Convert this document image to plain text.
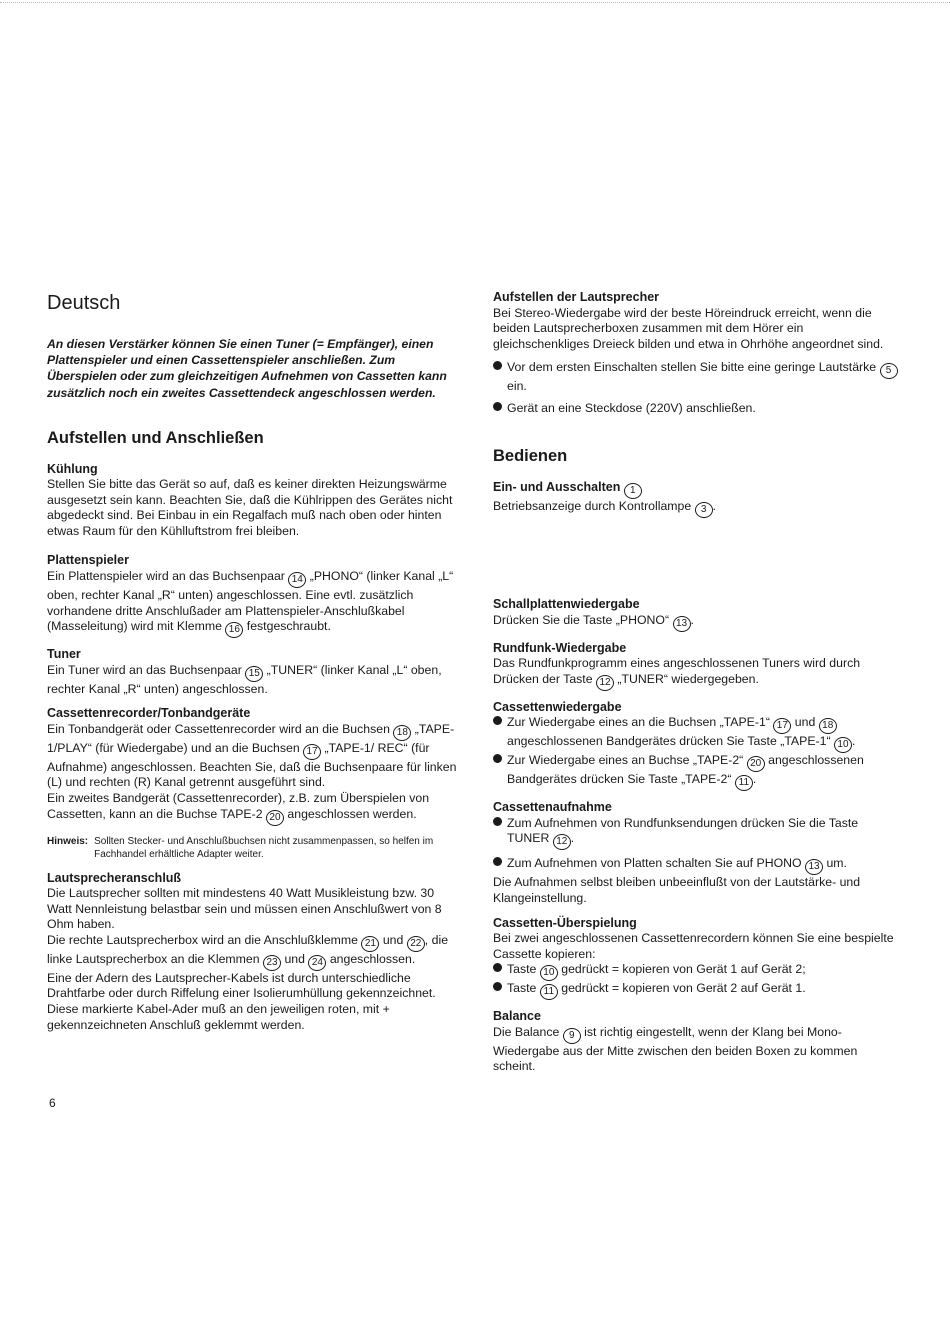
Deutsch

An diesen Verstärker können Sie einen Tuner (= Empfänger), einen Plattenspieler und einen Cassettenspieler anschließen. Zum Überspielen oder zum gleichzeitigen Aufnehmen von Cassetten kann zusätzlich noch ein zweites Cassettendeck angeschlossen werden.

Aufstellen und Anschließen
Kühlung

Stellen Sie bitte das Gerät so auf, daß es keiner direkten Heizungswärme ausgesetzt sein kann. Beachten Sie, daß die Kühlrippen des Gerätes nicht abgedeckt sind. Bei Einbau in ein Regalfach muß nach oben oder hinten etwas Raum für den Kühlluftstrom frei bleiben.

Plattenspieler

Ein Plattenspieler wird an das Buchsenpaar 14 „PHONO“ (linker Kanal „L“ oben, rechter Kanal „R“ unten) angeschlossen. Eine evtl. zusätzlich vorhandene dritte Anschlußader am Plattenspieler-Anschlußkabel (Masseleitung) wird mit Klemme 16 festgeschraubt.

Tuner

Ein Tuner wird an das Buchsenpaar 15 „TUNER“ (linker Kanal „L“ oben, rechter Kanal „R“ unten) angeschlossen.

Cassettenrecorder/Tonbandgeräte

Ein Tonbandgerät oder Cassettenrecorder wird an die Buchsen 18 „TAPE-1/PLAY“ (für Wiedergabe) und an die Buchsen 17 „TAPE-1/ REC“ (für Aufnahme) angeschlossen. Beachten Sie, daß die Buchsenpaare für linken (L) und rechten (R) Kanal getrennt ausgeführt sind.

Ein zweites Bandgerät (Cassettenrecorder), z.B. zum Überspielen von Cassetten, kann an die Buchse TAPE-2 20 angeschlossen werden.

Hinweis: Sollten Stecker- und Anschlußbuchsen nicht zusammenpassen, so helfen im Fachhandel erhältliche Adapter weiter.
Lautsprecheranschluß

Die Lautsprecher sollten mit mindestens 40 Watt Musikleistung bzw. 30 Watt Nennleistung belastbar sein und müssen einen Anschlußwert von 8 Ohm haben.

Die rechte Lautsprecherbox wird an die Anschlußklemme 21 und 22 , die linke Lautsprecherbox an die Klemmen 23 und 24 angeschlossen.

Eine der Adern des Lautsprecher-Kabels ist durch unterschiedliche Drahtfarbe oder durch Riffelung einer Isolierumhüllung gekennzeichnet. Diese markierte Kabel-Ader muß an den jeweiligen roten, mit + gekennzeichneten Anschluß geklemmt werden.

Aufstellen der Lautsprecher

Bei Stereo-Wiedergabe wird der beste Höreindruck erreicht, wenn die beiden Lautsprecherboxen zusammen mit dem Hörer ein gleichschenkliges Dreieck bilden und etwa in Ohrhöhe angeordnet sind.

Vor dem ersten Einschalten stellen Sie bitte eine geringe Lautstärke 5 ein.

Gerät an eine Steckdose (220V) anschließen.

Bedienen
Ein- und Ausschalten 1

Betriebsanzeige durch Kontrollampe 3 .

Schallplattenwiedergabe

Drücken Sie die Taste „PHONO“ 13 .

Rundfunk-Wiedergabe

Das Rundfunkprogramm eines angeschlossenen Tuners wird durch Drücken der Taste 12 „TUNER“ wiedergegeben.

Cassettenwiedergabe

Zur Wiedergabe eines an die Buchsen „TAPE-1“ 17 und 18 angeschlossenen Bandgerätes drücken Sie Taste „TAPE-1“ 10 .

Zur Wiedergabe eines an Buchse „TAPE-2“ 20 angeschlossenen Bandgerätes drücken Sie Taste „TAPE-2“ 11 .

Cassettenaufnahme

Zum Aufnehmen von Rundfunksendungen drücken Sie die Taste TUNER 12 .

Zum Aufnehmen von Platten schalten Sie auf PHONO 13 um.

Die Aufnahmen selbst bleiben unbeeinflußt von der Lautstärke- und Klangeinstellung.

Cassetten-Überspielung

Bei zwei angeschlossenen Cassettenrecordern können Sie eine bespielte Cassette kopieren:

Taste 10 gedrückt = kopieren von Gerät 1 auf Gerät 2;

Taste 11 gedrückt = kopieren von Gerät 2 auf Gerät 1.

Balance

Die Balance 9 ist richtig eingestellt, wenn der Klang bei Mono-Wiedergabe aus der Mitte zwischen den beiden Boxen zu kommen scheint.

6
